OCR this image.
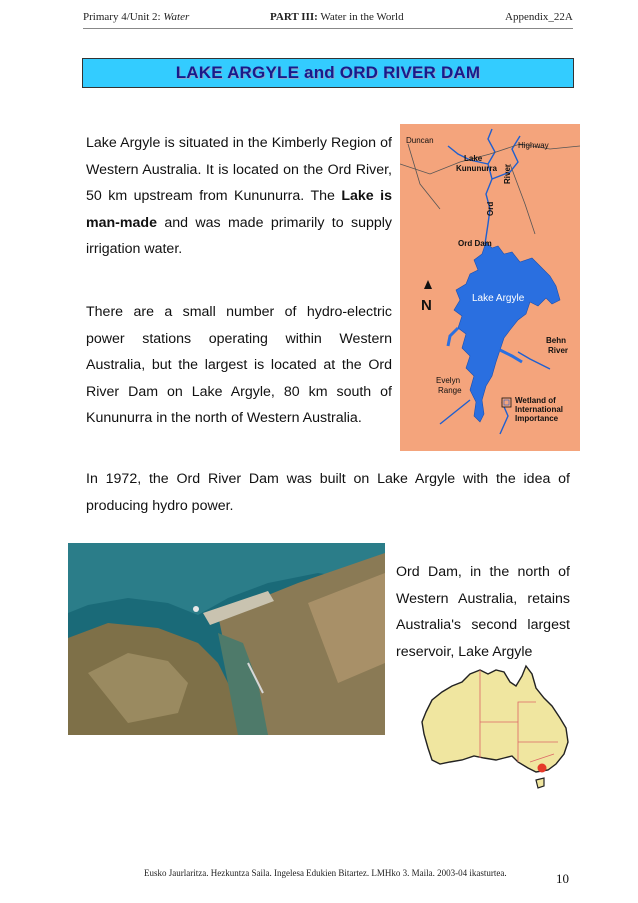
Primary 4/Unit 2: Water	PART III: Water in the World	Appendix_22A
LAKE ARGYLE and ORD RIVER DAM
Lake Argyle is situated in the Kimberly Region of Western Australia. It is located on the Ord River, 50 km upstream from Kununurra. The Lake is man-made and was made primarily to supply irrigation water.
There are a small number of hydro-electric power stations operating within Western Australia, but the largest is located at the Ord River Dam on Lake Argyle, 80 km south of Kununurra in the north of Western Australia.
In 1972, the Ord River Dam was built on Lake Argyle with the idea of producing hydro power.
Ord Dam, in the north of Western Australia, retains Australia's second largest reservoir, Lake Argyle
N
Duncan
Highway
Lake
Kununurra River
Ord
Ord Dam
Lake Argyle
Behn
River
Evelyn
Range
Wetland of
International
Importance
Eusko Jaurlaritza. Hezkuntza Saila. Ingelesa Edukien Bitartez. LMHko 3. Maila. 2003-04 ikasturtea.	10
